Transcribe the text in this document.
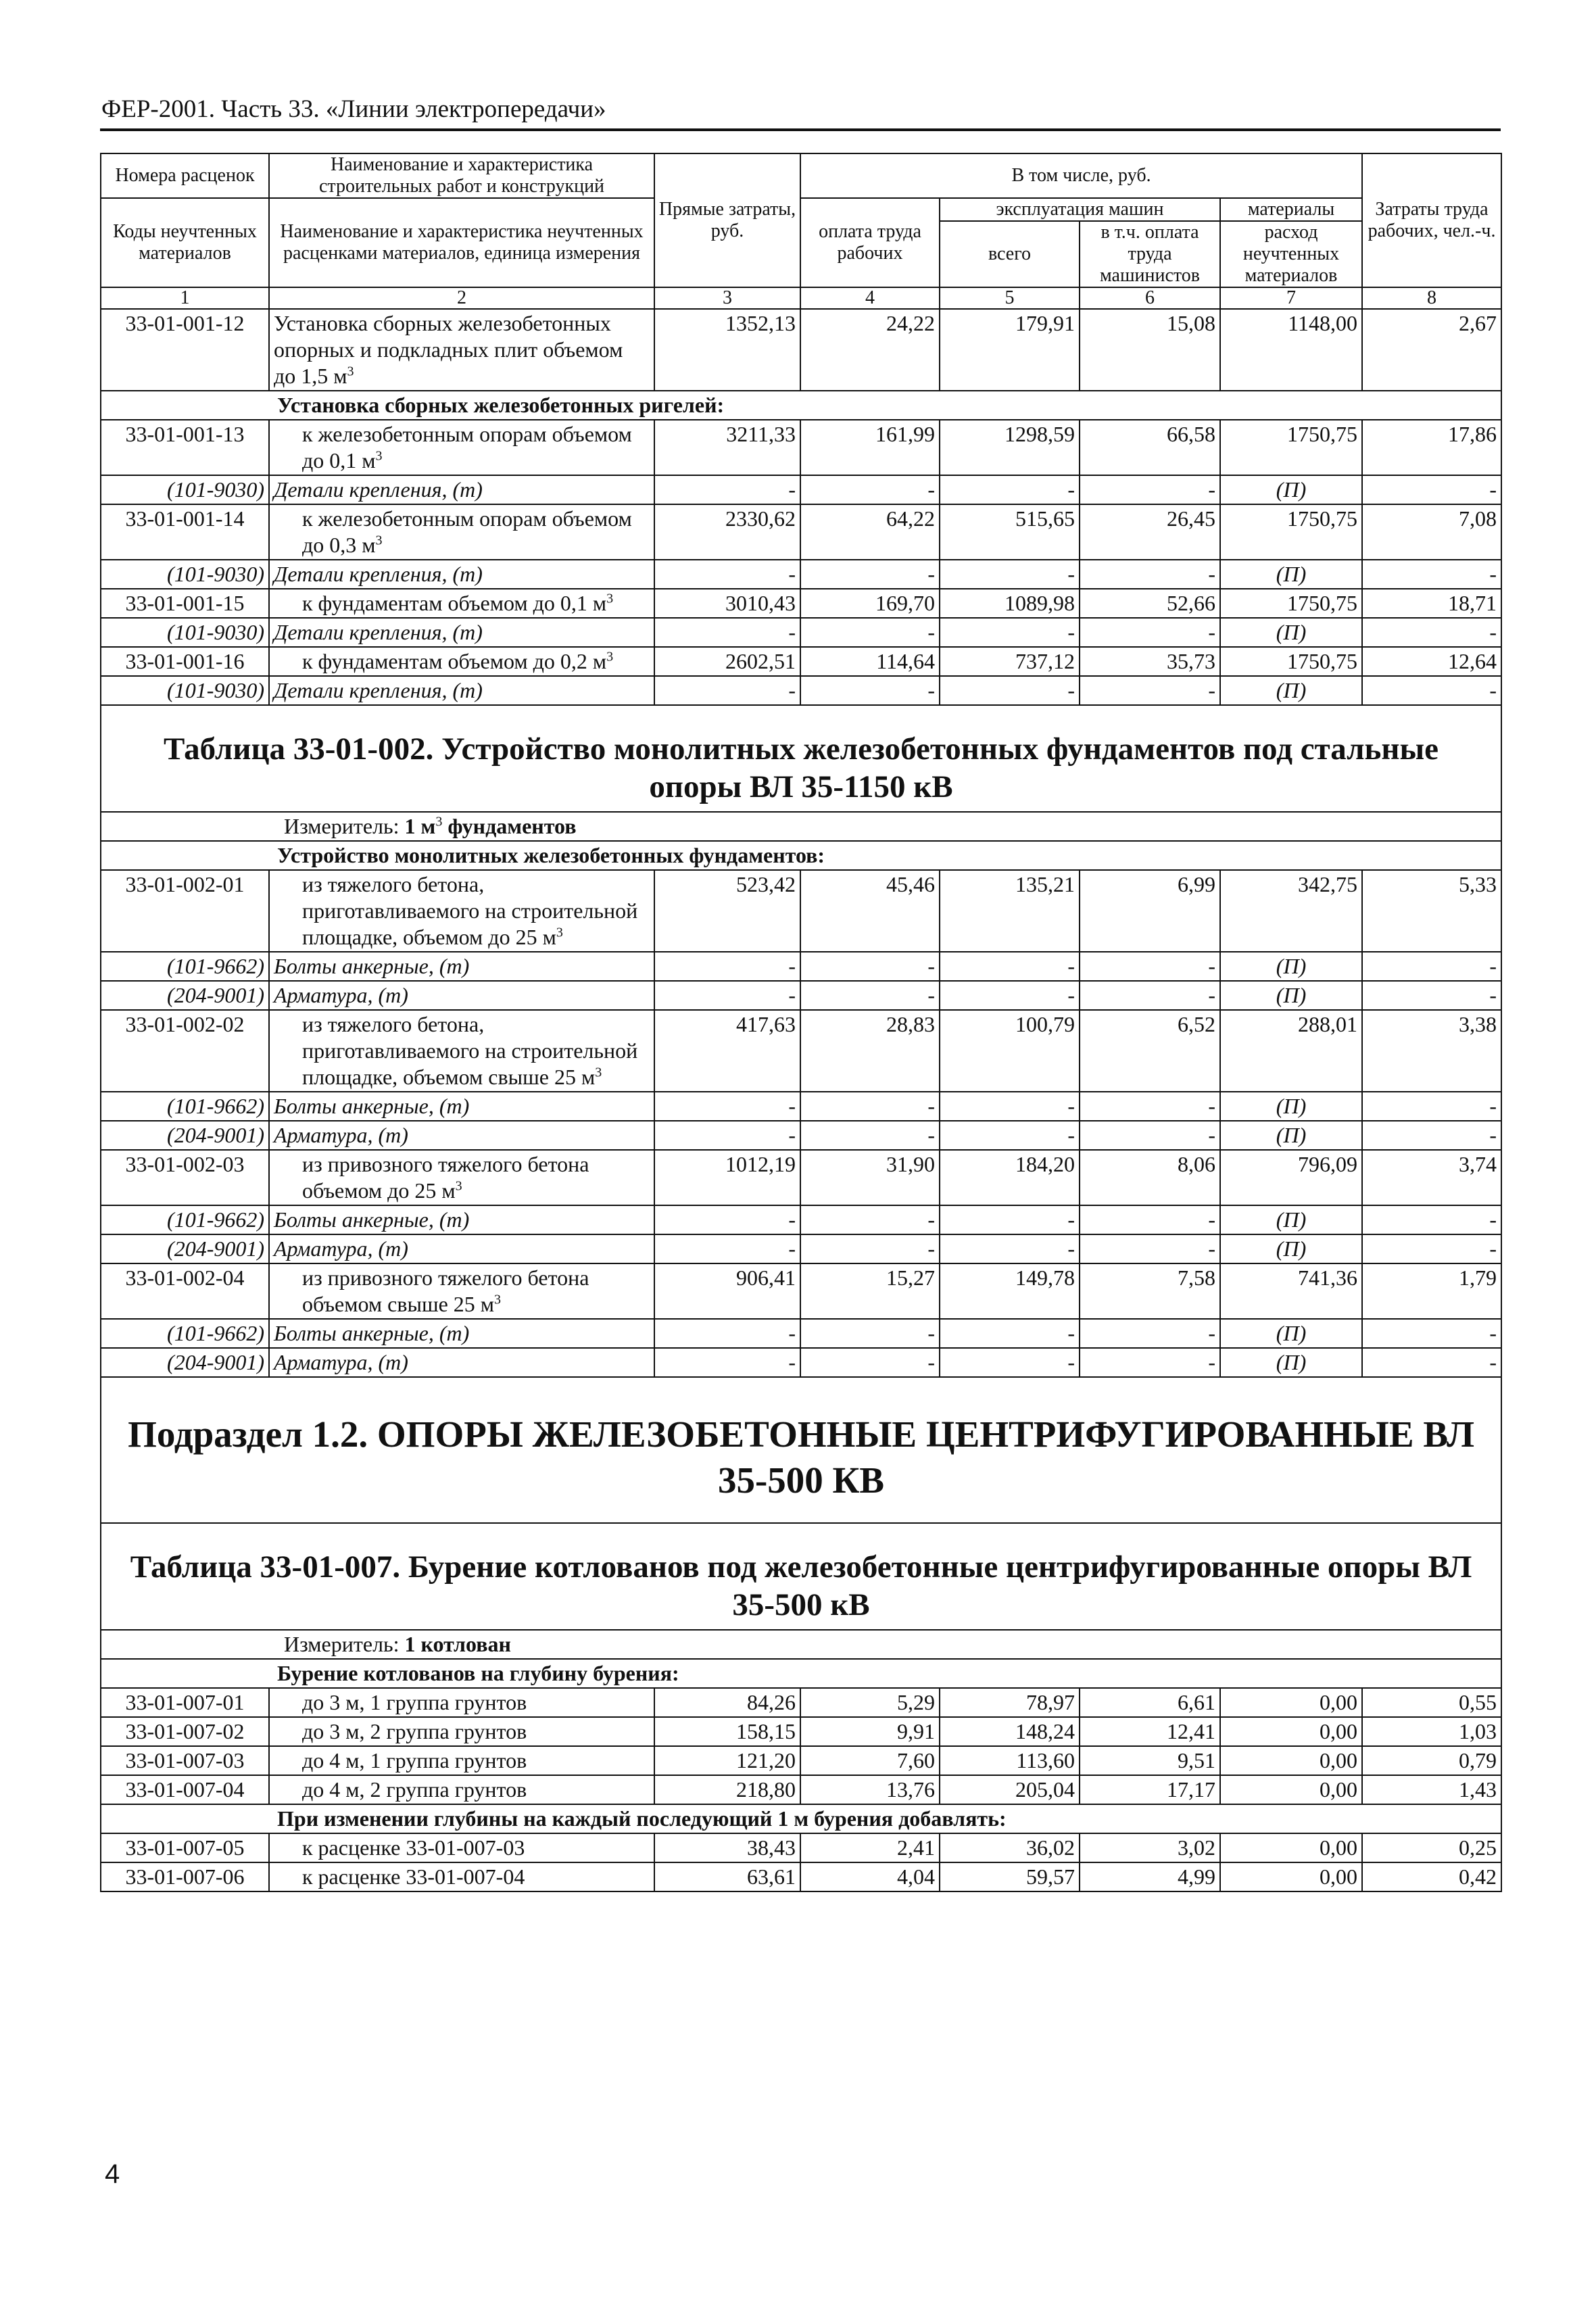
ФЕР-2001. Часть 33. «Линии электропередачи»
Номера расценок	Наименование и характеристика строительных работ и конструкций	Прямые затраты, руб.	В том числе, руб.				Затраты труда рабочих, чел.-ч.
Коды неучтенных материалов	Наименование и характеристика неучтенных расценками материалов, единица измерения		оплата труда рабочих	эксплуатация машин		материалы	
				всего	в т.ч. оплата труда машинистов	расход неучтенных материалов	
1	2	3	4	5	6	7	8
33-01-001-12	Установка сборных железобетонных опорных и подкладных плит объемом до 1,5 $м^3$	1352,13	24,22	179,91	15,08	1148,00	2,67
Установка сборных железобетонных ригелей:							
33-01-001-13	к железобетонным опорам объемом до 0,1 $м^3$	3211,33	161,99	1298,59	66,58	1750,75	17,86
(101-9030)	Детали крепления, (т)	-	-	-	-	(П)	-
33-01-001-14	к железобетонным опорам объемом до 0,3 $м^3$	2330,62	64,22	515,65	26,45	1750,75	7,08
(101-9030)	Детали крепления, (т)	-	-	-	-	(П)	-
33-01-001-15	к фундаментам объемом до 0,1 $м^3$	3010,43	169,70	1089,98	52,66	1750,75	18,71
(101-9030)	Детали крепления, (т)	-	-	-	-	(П)	-
33-01-001-16	к фундаментам объемом до 0,2 $м^3$	2602,51	114,64	737,12	35,73	1750,75	12,64
(101-9030)	Детали крепления, (т)	-	-	-	-	(П)	-
Таблица 33-01-002. Устройство монолитных железобетонных фундаментов под стальные опоры ВЛ 35-1150 кВ							
Измеритель: 1 $м^3$ фундаментов							
Устройство монолитных железобетонных фундаментов:							
33-01-002-01	из тяжелого бетона, приготавливаемого на строительной площадке, объемом до 25 $м^3$	523,42	45,46	135,21	6,99	342,75	5,33
(101-9662)	Болты анкерные, (т)	-	-	-	-	(П)	-
(204-9001)	Арматура, (т)	-	-	-	-	(П)	-
33-01-002-02	из тяжелого бетона, приготавливаемого на строительной площадке, объемом свыше 25 $м^3$	417,63	28,83	100,79	6,52	288,01	3,38
(101-9662)	Болты анкерные, (т)	-	-	-	-	(П)	-
(204-9001)	Арматура, (т)	-	-	-	-	(П)	-
33-01-002-03	из привозного тяжелого бетона объемом до 25 $м^3$	1012,19	31,90	184,20	8,06	796,09	3,74
(101-9662)	Болты анкерные, (т)	-	-	-	-	(П)	-
(204-9001)	Арматура, (т)	-	-	-	-	(П)	-
33-01-002-04	из привозного тяжелого бетона объемом свыше 25 $м^3$	906,41	15,27	149,78	7,58	741,36	1,79
(101-9662)	Болты анкерные, (т)	-	-	-	-	(П)	-
(204-9001)	Арматура, (т)	-	-	-	-	(П)	-
Подраздел 1.2. ОПОРЫ ЖЕЛЕЗОБЕТОННЫЕ ЦЕНТРИФУГИРОВАННЫЕ ВЛ 35-500 КВ							
Таблица 33-01-007. Бурение котлованов под железобетонные центрифугированные опоры ВЛ 35-500 кВ							
Измеритель: 1 котлован							
Бурение котлованов на глубину бурения:							
33-01-007-01	до 3 м, 1 группа грунтов	84,26	5,29	78,97	6,61	0,00	0,55
33-01-007-02	до 3 м, 2 группа грунтов	158,15	9,91	148,24	12,41	0,00	1,03
33-01-007-03	до 4 м, 1 группа грунтов	121,20	7,60	113,60	9,51	0,00	0,79
33-01-007-04	до 4 м, 2 группа грунтов	218,80	13,76	205,04	17,17	0,00	1,43
При изменении глубины на каждый последующий 1 м бурения добавлять:							
33-01-007-05	к расценке 33-01-007-03	38,43	2,41	36,02	3,02	0,00	0,25
33-01-007-06	к расценке 33-01-007-04	63,61	4,04	59,57	4,99	0,00	0,42
4
